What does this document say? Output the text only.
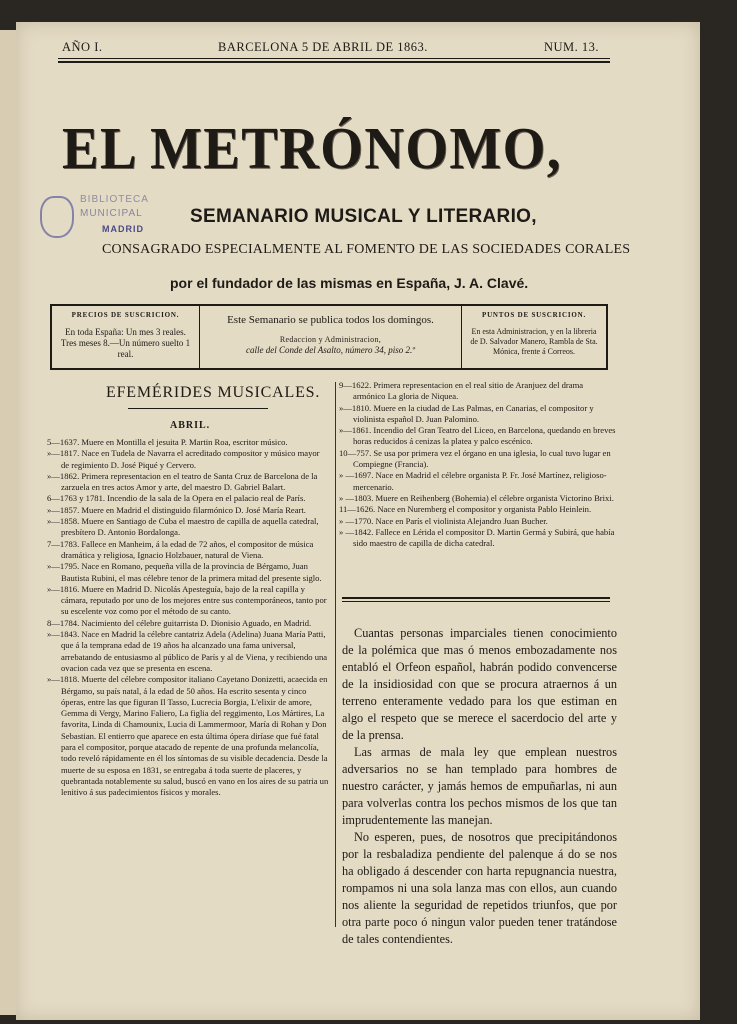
AÑO I.	BARCELONA 5 DE ABRIL DE 1863.	NUM. 13.
EL METRÓNOMO,
BIBLIOTECA
MUNICIPAL
MADRID
SEMANARIO MUSICAL Y LITERARIO,
CONSAGRADO ESPECIALMENTE AL FOMENTO DE LAS SOCIEDADES CORALES
por el fundador de las mismas en España, J. A. Clavé.
PRECIOS DE SUSCRICION.
En toda España: Un mes 3 reales. Tres meses 8.—Un número suelto 1 real.
Este Semanario se publica todos los domingos.
Redaccion y Administracion,
calle del Conde del Asalto, número 34, piso 2.º
PUNTOS DE SUSCRICION.
En esta Administracion, y en la libreria de D. Salvador Manero, Rambla de Sta. Mónica, frente á Correos.
EFEMÉRIDES MUSICALES.
ABRIL.

5—1637. Muere en Montilla el jesuita P. Martin Roa, escritor músico.

»—1817. Nace en Tudela de Navarra el acreditado compositor y músico mayor de regimiento D. José Piqué y Cervero.

»—1862. Primera representacion en el teatro de Santa Cruz de Barcelona de la zarzuela en tres actos Amor y arte, del maestro D. Gabriel Balart.

6—1763 y 1781. Incendio de la sala de la Opera en el palacio real de París.

»—1857. Muere en Madrid el distinguido filarmónico D. José María Reart.

»—1858. Muere en Santiago de Cuba el maestro de capilla de aquella catedral, presbítero D. Antonio Bordalonga.

7—1783. Fallece en Manheim, á la edad de 72 años, el compositor de música dramática y religiosa, Ignacio Holzbauer, natural de Viena.

»—1795. Nace en Romano, pequeña villa de la provincia de Bérgamo, Juan Bautista Rubini, el mas célebre tenor de la primera mitad del presente siglo.

»—1816. Muere en Madrid D. Nicolás Apesteguía, bajo de la real capilla y cámara, reputado por uno de los mejores entre sus contemporáneos, tanto por su escelente voz como por el método de su canto.

8—1784. Nacimiento del célebre guitarrista D. Dionisio Aguado, en Madrid.

»—1843. Nace en Madrid la célebre cantatriz Adela (Adelina) Juana María Patti, que á la temprana edad de 19 años ha alcanzado una fama universal, arrebatando de entusiasmo al público de París y al de Viena, y recibiendo una ovacion cada vez que se presenta en escena.

»—1818. Muerte del célebre compositor italiano Cayetano Donizetti, acaecida en Bérgamo, su país natal, á la edad de 50 años. Ha escrito sesenta y cinco óperas, entre las que figuran Il Tasso, Lucrecia Borgia, L'elixir de amore, Gemma di Vergy, Marino Faliero, La figlia del reggimento, Los Mártires, La favorita, Linda di Chamounix, Lucia di Lammermoor, María di Rohan y Don Sebastian. El entierro que aparece en esta última ópera diríase que fué fatal para el compositor, porque atacado de repente de una profunda melancolía, todo reveló rápidamente en él los síntomas de su visible decadencia. Desde la muerte de su esposa en 1831, se entregaba á toda suerte de placeres, y quebrantada notablemente su salud, buscó en vano en los aires de su patria un lenitivo á sus padecimientos físicos y morales.

9—1622. Primera representacion en el real sitio de Aranjuez del drama armónico La gloria de Niquea.

»—1810. Muere en la ciudad de Las Palmas, en Canarias, el compositor y violinista español D. Juan Palomino.

»—1861. Incendio del Gran Teatro del Liceo, en Barcelona, quedando en breves horas reducidos á cenizas la platea y palco escénico.

10—757. Se usa por primera vez el órgano en una iglesia, lo cual tuvo lugar en Compiegne (Francia).

» —1697. Nace en Madrid el célebre organista P. Fr. José Martínez, religioso-mercenario.

» —1803. Muere en Reihenberg (Bohemia) el célebre organista Victorino Brixi.

11—1626. Nace en Nuremberg el compositor y organista Pablo Heinlein.

» —1770. Nace en París el violinista Alejandro Juan Bucher.

» —1842. Fallece en Lérida el compositor D. Martin Germá y Subirá, que había sido maestro de capilla de dicha catedral.

Cuantas personas imparciales tienen conocimiento de la polémica que mas ó menos embozadamente nos entabló el Orfeon español, habrán podido convencerse de la insidiosidad con que se procura atraernos á un terreno enteramente vedado para los que estiman en algo el respeto que se merece el sacerdocio del arte y de la prensa.

Las armas de mala ley que emplean nuestros adversarios no se han templado para hombres de nuestro carácter, y jamás hemos de empuñarlas, ni aun para volverlas contra los pechos mismos de los que tan imprudentemente las manejan.

No esperen, pues, de nosotros que precipitándonos por la resbaladiza pendiente del palenque á do se nos ha obligado á descender con harta repugnancia nuestra, rompamos ni una sola lanza mas con ellos, aun cuando nos aliente la seguridad de repetidos triunfos, que por otra parte poco ó ningun valor pueden tener tratándose de tales contendientes.
